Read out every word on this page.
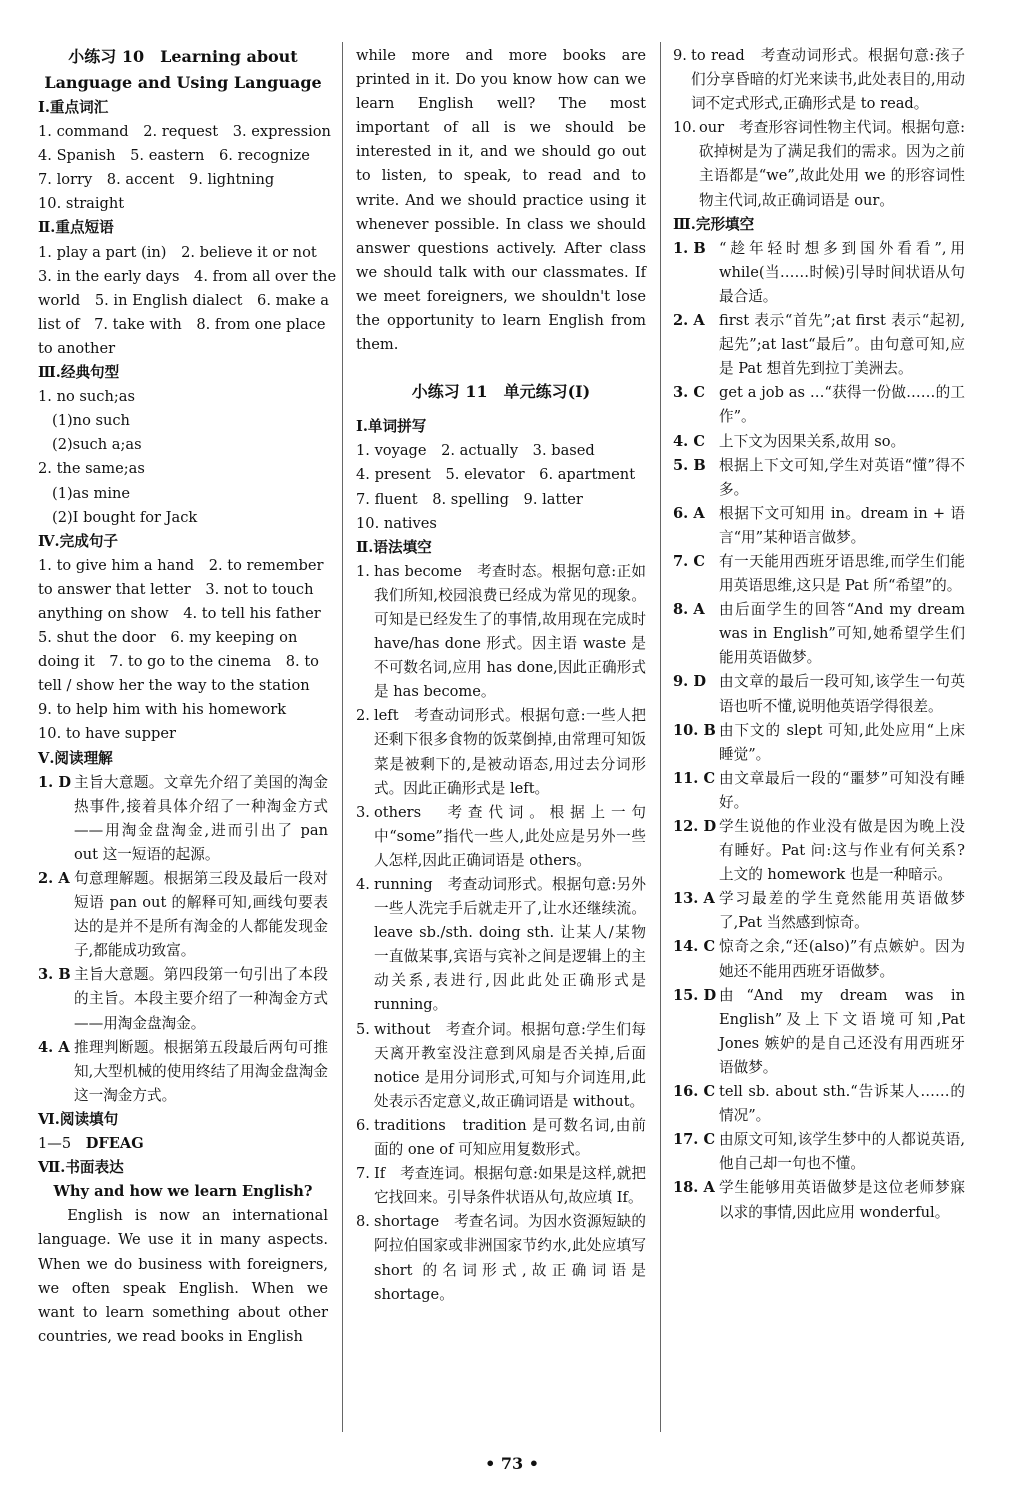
小练习 10　Learning about
Language and Using Language
Ⅰ.重点词汇
1. command　2. request　3. expression
4. Spanish　5. eastern　6. recognize
7. lorry　8. accent　9. lightning
10. straight
Ⅱ.重点短语
1. play a part (in)　2. believe it or not
3. in the early days　4. from all over the
world　5. in English dialect　6. make a
list of　7. take with　8. from one place
to another
Ⅲ.经典句型
1. no such;as
(1)no such
(2)such a;as
2. the same;as
(1)as mine
(2)I bought for Jack
Ⅳ.完成句子
1. to give him a hand　2. to remember
to answer that letter　3. not to touch
anything on show　4. to tell his father
5. shut the door　6. my keeping on
doing it　7. to go to the cinema　8. to
tell / show her the way to the station
9. to help him with his homework
10. to have supper
Ⅴ.阅读理解
1. D 主旨大意题。文章先介绍了美国的淘金热事件,接着具体介绍了一种淘金方式——用淘金盘淘金,进而引出了 pan out 这一短语的起源。
2. A 句意理解题。根据第三段及最后一段对短语 pan out 的解释可知,画线句要表达的是并不是所有淘金的人都能发现金子,都能成功致富。
3. B 主旨大意题。第四段第一句引出了本段的主旨。本段主要介绍了一种淘金方式——用淘金盘淘金。
4. A 推理判断题。根据第五段最后两句可推知,大型机械的使用终结了用淘金盘淘金这一淘金方式。
Ⅵ.阅读填句
1—5　 DFEAG
Ⅶ.书面表达
Why and how we learn English?
English is now an international language. We use it in many aspects. When we do business with foreigners, we often speak English. When we want to learn something about other countries, we read books in English
while more and more books are printed in it. Do you know how can we learn English well? The most important of all is we should be interested in it, and we should go out to listen, to speak, to read and to write. And we should practice using it whenever possible. In class we should answer questions actively. After class we should talk with our classmates. If we meet foreigners, we shouldn't lose the opportunity to learn English from them.
小练习 11　单元练习(Ⅰ)
Ⅰ.单词拼写
1. voyage　2. actually　3. based
4. present　5. elevator　6. apartment
7. fluent　8. spelling　9. latter
10. natives
Ⅱ.语法填空
1. has become　考查时态。根据句意:正如我们所知,校园浪费已经成为常见的现象。可知是已经发生了的事情,故用现在完成时 have/has done 形式。因主语 waste 是不可数名词,应用 has done,因此正确形式是 has become。
2. left　考查动词形式。根据句意:一些人把还剩下很多食物的饭菜倒掉,由常理可知饭菜是被剩下的,是被动语态,用过去分词形式。因此正确形式是 left。
3. others　考查代词。根据上一句中“some”指代一些人,此处应是另外一些人怎样,因此正确词语是 others。
4. running　考查动词形式。根据句意:另外一些人洗完手后就走开了,让水还继续流。leave sb./sth. doing sth. 让某人/某物一直做某事,宾语与宾补之间是逻辑上的主动关系,表进行,因此此处正确形式是 running。
5. without　考查介词。根据句意:学生们每天离开教室没注意到风扇是否关掉,后面 notice 是用分词形式,可知与介词连用,此处表示否定意义,故正确词语是 without。
6. traditions　tradition 是可数名词,由前面的 one of 可知应用复数形式。
7. If　考查连词。根据句意:如果是这样,就把它找回来。引导条件状语从句,故应填 If。
8. shortage　考查名词。为因水资源短缺的阿拉伯国家或非洲国家节约水,此处应填写 short 的名词形式,故正确词语是 shortage。
9. to read　考查动词形式。根据句意:孩子们分享昏暗的灯光来读书,此处表目的,用动词不定式形式,正确形式是 to read。
10. our　考查形容词性物主代词。根据句意:砍掉树是为了满足我们的需求。因为之前主语都是“we”,故此处用 we 的形容词性物主代词,故正确词语是 our。
Ⅲ.完形填空
1. B “趁年轻时想多到国外看看”,用 while(当……时候)引导时间状语从句最合适。
2. A first 表示“首先”;at first 表示“起初,起先”;at last“最后”。由句意可知,应是 Pat 想首先到拉丁美洲去。
3. C get a job as …“获得一份做……的工作”。
4. C 上下文为因果关系,故用 so。
5. B 根据上下文可知,学生对英语“懂”得不多。
6. A 根据下文可知用 in。dream in + 语言“用”某种语言做梦。
7. C 有一天能用西班牙语思维,而学生们能用英语思维,这只是 Pat 所“希望”的。
8. A 由后面学生的回答“And my dream was in English”可知,她希望学生们能用英语做梦。
9. D 由文章的最后一段可知,该学生一句英语也听不懂,说明他英语学得很差。
10. B 由下文的 slept 可知,此处应用“上床睡觉”。
11. C 由文章最后一段的“噩梦”可知没有睡好。
12. D 学生说他的作业没有做是因为晚上没有睡好。Pat 问:这与作业有何关系? 上文的 homework 也是一种暗示。
13. A 学习最差的学生竟然能用英语做梦了,Pat 当然感到惊奇。
14. C 惊奇之余,“还(also)”有点嫉妒。因为她还不能用西班牙语做梦。
15. D 由“And my dream was in English”及上下文语境可知,Pat Jones 嫉妒的是自己还没有用西班牙语做梦。
16. C tell sb. about sth.“告诉某人……的情况”。
17. C 由原文可知,该学生梦中的人都说英语,他自己却一句也不懂。
18. A 学生能够用英语做梦是这位老师梦寐以求的事情,因此应用 wonderful。
• 73 •
